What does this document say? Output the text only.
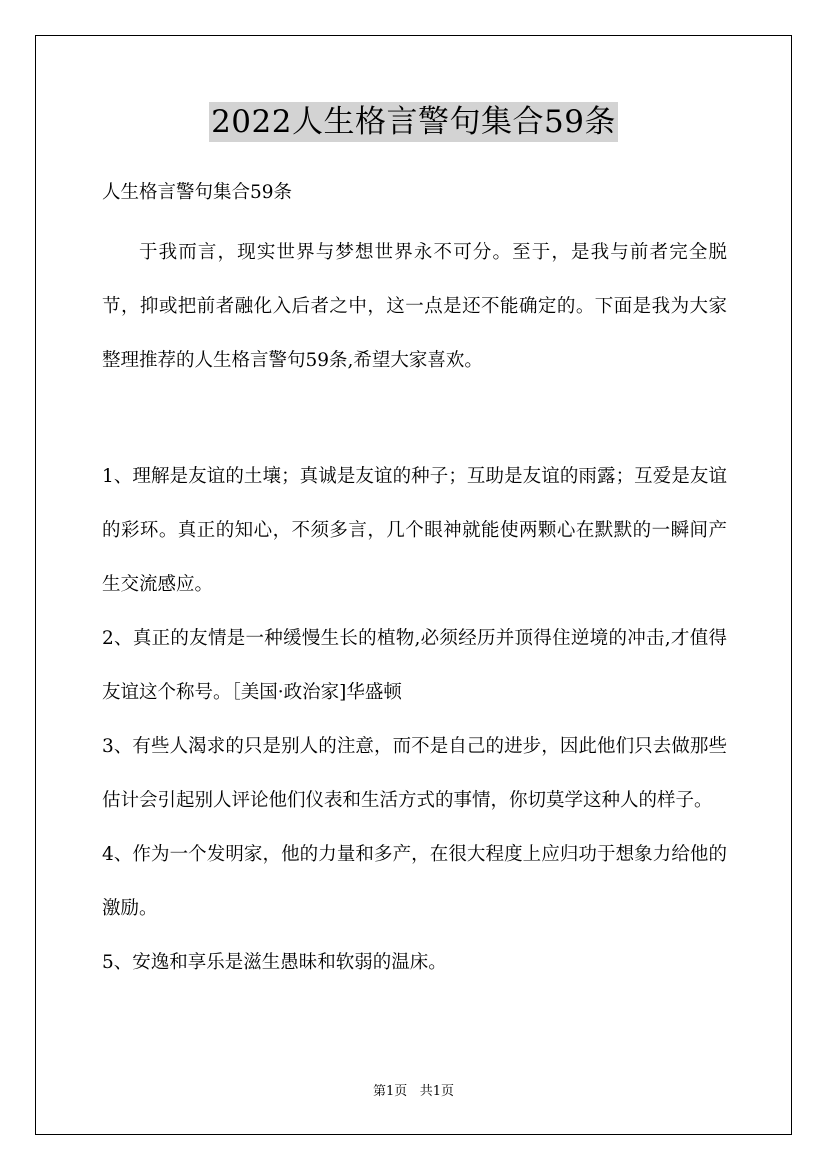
2022人生格言警句集合59条
人生格言警句集合59条

于我而言，现实世界与梦想世界永不可分。至于，是我与前者完全脱节，抑或把前者融化入后者之中，这一点是还不能确定的。下面是我为大家整理推荐的人生格言警句59条,希望大家喜欢。

1、理解是友谊的土壤；真诚是友谊的种子；互助是友谊的雨露；互爱是友谊的彩环。真正的知心，不须多言，几个眼神就能使两颗心在默默的一瞬间产生交流感应。

2、真正的友情是一种缓慢生长的植物,必须经历并顶得住逆境的冲击,才值得友谊这个称号。［美国·政治家]华盛顿

3、有些人渴求的只是别人的注意，而不是自己的进步，因此他们只去做那些估计会引起别人评论他们仪表和生活方式的事情，你切莫学这种人的样子。

4、作为一个发明家，他的力量和多产，在很大程度上应归功于想象力给他的激励。

5、安逸和享乐是滋生愚昧和软弱的温床。

第1页 共1页
